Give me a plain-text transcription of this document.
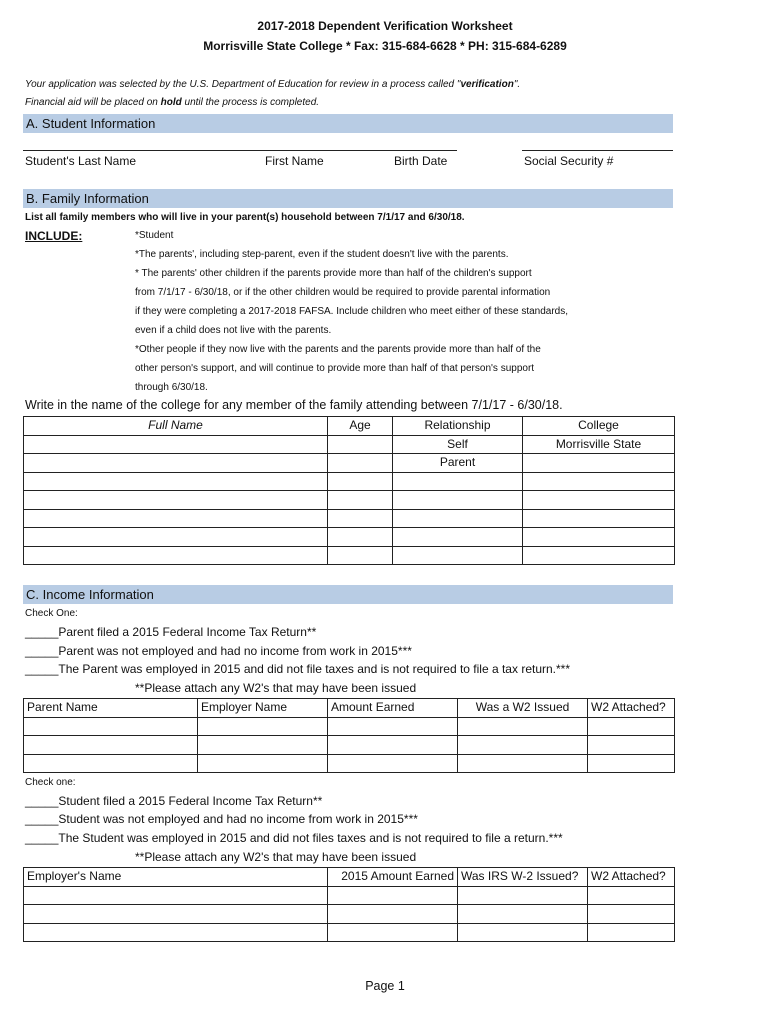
2017-2018 Dependent Verification Worksheet
Morrisville State College * Fax: 315-684-6628 * PH: 315-684-6289
Your application was selected by the U.S. Department of Education for review in a process called "verification".
Financial aid will be placed on hold until the process is completed.
A. Student Information
Student's Last Name	First Name	Birth Date	Social Security #
B. Family Information
List all family members who will live in your parent(s) household between 7/1/17 and 6/30/18.
INCLUDE:	*Student
*The parents', including step-parent, even if the student doesn't live with the parents.
* The parents' other children if the parents provide more than half of the children's support
from 7/1/17 - 6/30/18, or if the other children would be required to provide parental information
if they were completing a 2017-2018 FAFSA. Include children who meet either of these standards,
even if a child does not live with the parents.
*Other people if they now live with the parents and the parents provide more than half of the
other person's support, and will continue to provide more than half of that person's support
through 6/30/18.
Write in the name of the college for any member of the family attending between 7/1/17 - 6/30/18.
Full Name	Age	Relationship	College
		Self	Morrisville State
		Parent	

C. Income Information
Check One:
_____Parent filed a 2015 Federal Income Tax Return**
_____Parent was not employed and had no income from work in 2015***
_____The Parent was employed in 2015 and did not file taxes and is not required to file a tax return.***
**Please attach any W2's that may have been issued
Parent Name	Employer Name	Amount Earned	Was a W2 Issued	W2 Attached?

Check one:
_____Student filed a 2015 Federal Income Tax Return**
_____Student was not employed and had no income from work in 2015***
_____The Student was employed in 2015 and did not files taxes and is not required to file a return.***
**Please attach any W2's that may have been issued
Employer's Name	2015 Amount Earned	Was IRS W-2 Issued?	W2 Attached?

Page 1
